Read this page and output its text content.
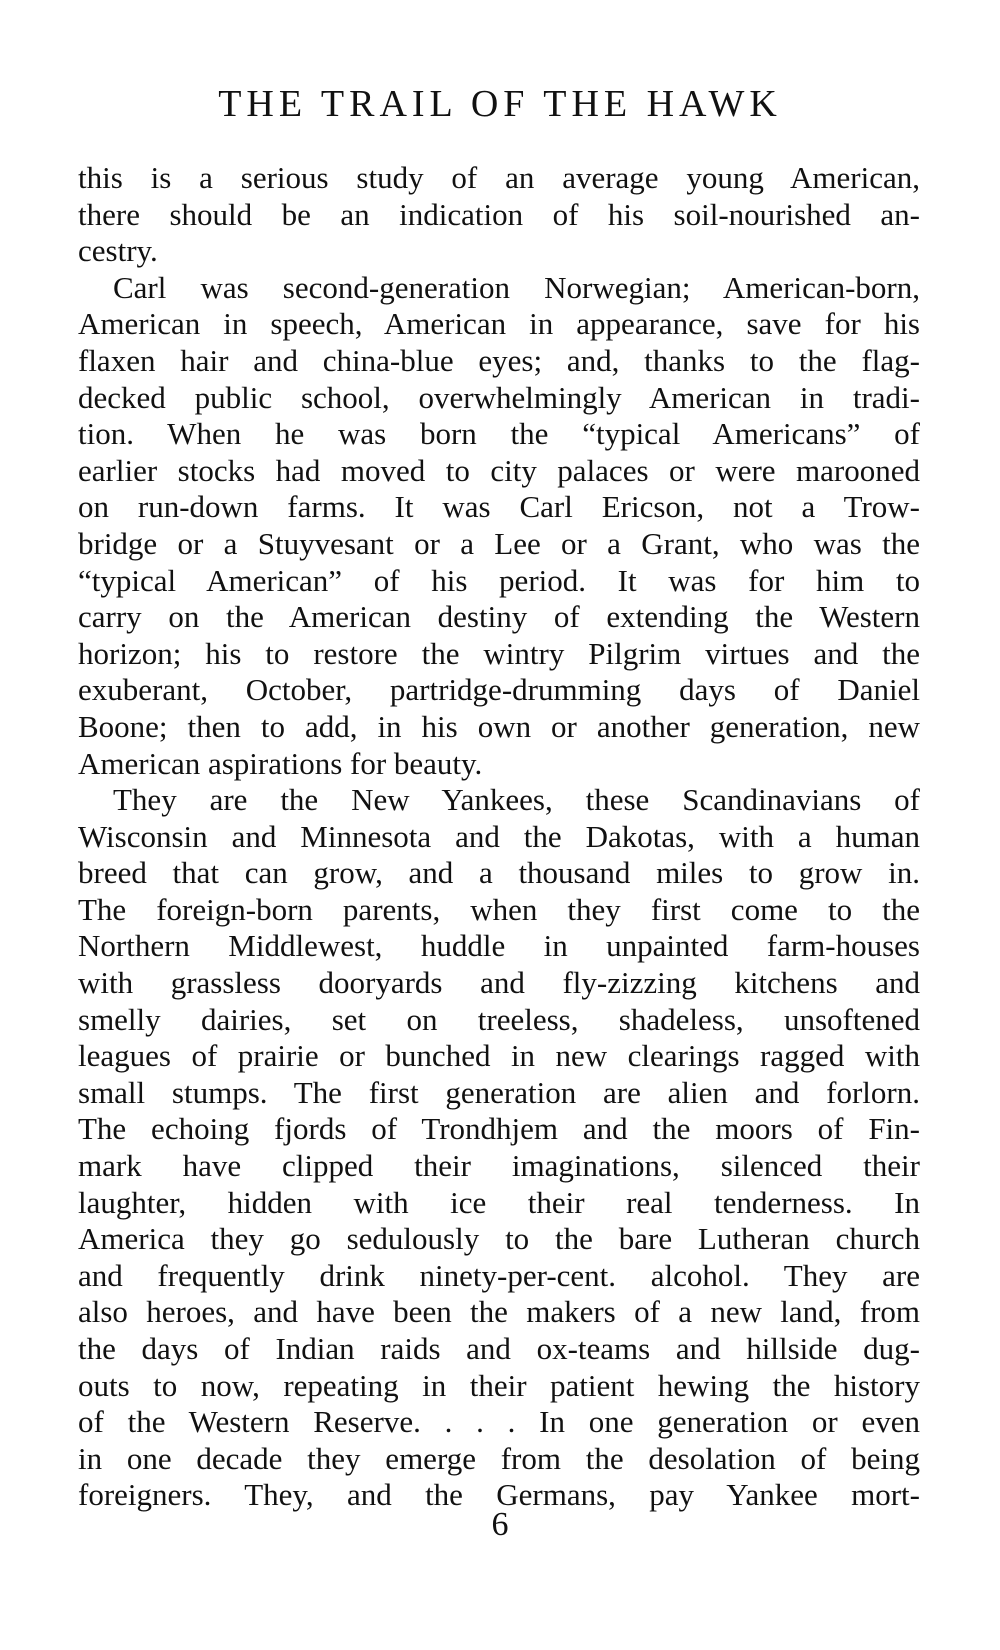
THE TRAIL OF THE HAWK
this is a serious study of an average young American,
there should be an indication of his soil-nourished an-
cestry.
Carl was second-generation Norwegian; American-born,
American in speech, American in appearance, save for his
flaxen hair and china-blue eyes; and, thanks to the flag-
decked public school, overwhelmingly American in tradi-
tion. When he was born the “typical Americans” of
earlier stocks had moved to city palaces or were marooned
on run-down farms. It was Carl Ericson, not a Trow-
bridge or a Stuyvesant or a Lee or a Grant, who was the
“typical American” of his period. It was for him to
carry on the American destiny of extending the Western
horizon; his to restore the wintry Pilgrim virtues and the
exuberant, October, partridge-drumming days of Daniel
Boone; then to add, in his own or another generation, new
American aspirations for beauty.
They are the New Yankees, these Scandinavians of
Wisconsin and Minnesota and the Dakotas, with a human
breed that can grow, and a thousand miles to grow in.
The foreign-born parents, when they first come to the
Northern Middlewest, huddle in unpainted farm-houses
with grassless dooryards and fly-zizzing kitchens and
smelly dairies, set on treeless, shadeless, unsoftened
leagues of prairie or bunched in new clearings ragged with
small stumps. The first generation are alien and forlorn.
The echoing fjords of Trondhjem and the moors of Fin-
mark have clipped their imaginations, silenced their
laughter, hidden with ice their real tenderness. In
America they go sedulously to the bare Lutheran church
and frequently drink ninety-per-cent. alcohol. They are
also heroes, and have been the makers of a new land, from
the days of Indian raids and ox-teams and hillside dug-
outs to now, repeating in their patient hewing the history
of the Western Reserve. . . . In one generation or even
in one decade they emerge from the desolation of being
foreigners. They, and the Germans, pay Yankee mort-
6
